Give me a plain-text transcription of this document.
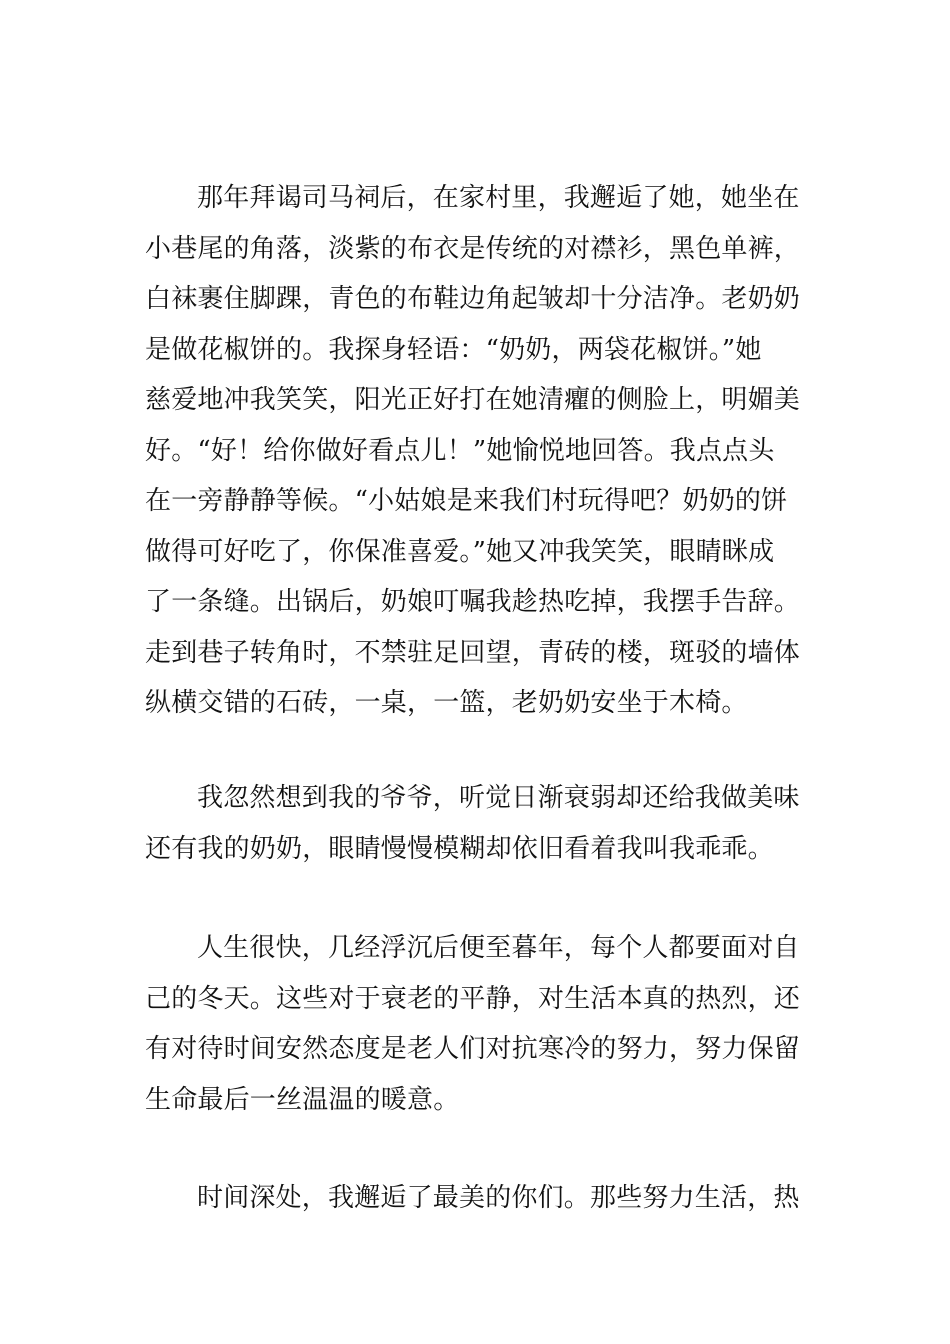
那年拜谒司马祠后，在家村里，我邂逅了她，她坐在
小巷尾的角落，淡紫的布衣是传统的对襟衫，黑色单裤，
白袜裹住脚踝，青色的布鞋边角起皱却十分洁净。老奶奶
是做花椒饼的。我探身轻语：“奶奶，两袋花椒饼。”她
慈爱地冲我笑笑，阳光正好打在她清癯的侧脸上，明媚美
好。“好！给你做好看点儿！”她愉悦地回答。我点点头
在一旁静静等候。“小姑娘是来我们村玩得吧？奶奶的饼
做得可好吃了，你保准喜爱。”她又冲我笑笑，眼睛眯成
了一条缝。出锅后，奶娘叮嘱我趁热吃掉，我摆手告辞。
走到巷子转角时，不禁驻足回望，青砖的楼，斑驳的墙体
纵横交错的石砖，一桌，一篮，老奶奶安坐于木椅。

我忽然想到我的爷爷，听觉日渐衰弱却还给我做美味
还有我的奶奶，眼睛慢慢模糊却依旧看着我叫我乖乖。

人生很快，几经浮沉后便至暮年，每个人都要面对自
己的冬天。这些对于衰老的平静，对生活本真的热烈，还
有对待时间安然态度是老人们对抗寒冷的努力，努力保留
生命最后一丝温温的暖意。

时间深处，我邂逅了最美的你们。那些努力生活，热
